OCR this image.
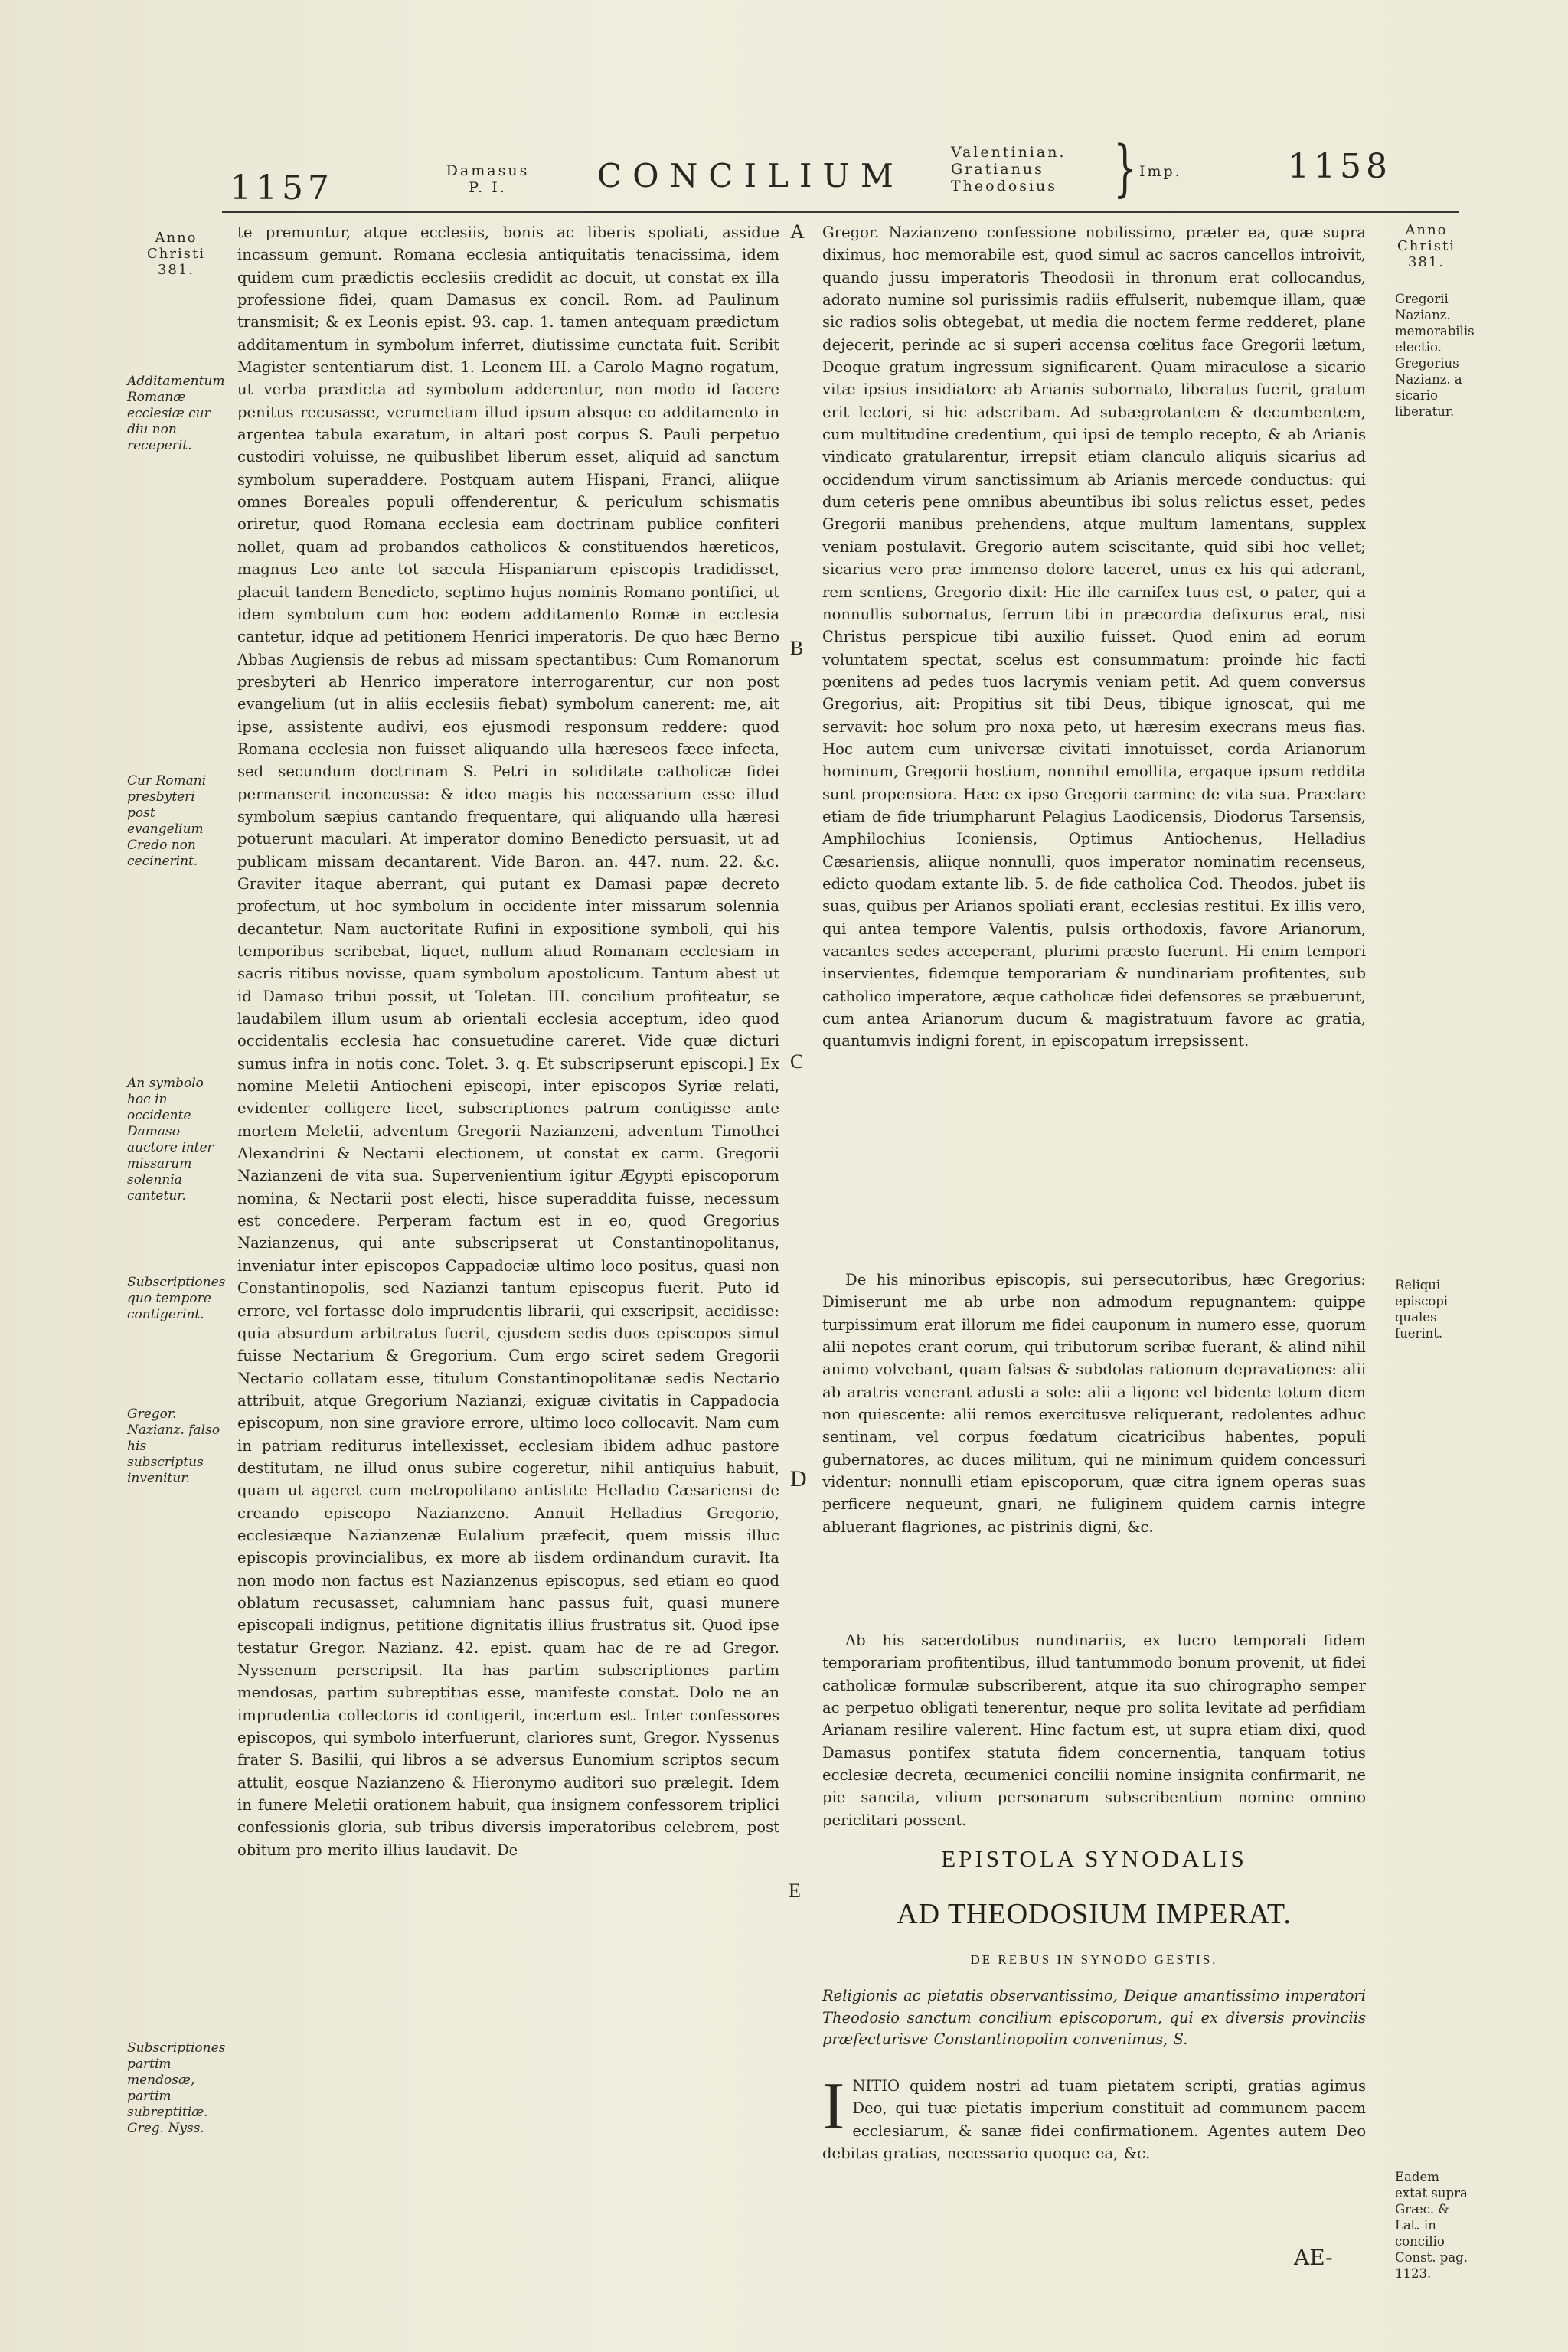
1157	Damasus
P. I.	CONCILIUM
Valentinian.
Gratianus
Theodosius } Imp.	1158
Anno Christi 381.
Additamentum Romanæ ecclesiæ cur diu non receperit.
Cur Romani presbyteri post evangelium Credo non cecinerint.
An symbolo hoc in occidente Damaso auctore inter missarum solennia cantetur.
Subscriptiones quo tempore contigerint.
Gregor. Nazianz. falso his subscriptus invenitur.
Subscriptiones partim mendosæ, partim subreptitiæ. Greg. Nyss.

te premuntur, atque ecclesiis, bonis ac liberis spoliati, assidue incassum gemunt. Romana ecclesia antiquitatis tenacissima, idem quidem cum prædictis ecclesiis credidit ac docuit, ut constat ex illa professione fidei, quam Damasus ex concil. Rom. ad Paulinum transmisit; & ex Leonis epist. 93. cap. 1. tamen antequam prædictum additamentum in symbolum inferret, diutissime cunctata fuit. Scribit Magister sententiarum dist. 1. Leonem III. a Carolo Magno rogatum, ut verba prædicta ad symbolum adderentur, non modo id facere penitus recusasse, verumetiam illud ipsum absque eo additamento in argentea tabula exaratum, in altari post corpus S. Pauli perpetuo custodiri voluisse, ne quibuslibet liberum esset, aliquid ad sanctum symbolum superaddere. Postquam autem Hispani, Franci, aliique omnes Boreales populi offenderentur, & periculum schismatis oriretur, quod Romana ecclesia eam doctrinam publice confiteri nollet, quam ad probandos catholicos & constituendos hæreticos, magnus Leo ante tot sæcula Hispaniarum episcopis tradidisset, placuit tandem Benedicto, septimo hujus nominis Romano pontifici, ut idem symbolum cum hoc eodem additamento Romæ in ecclesia cantetur, idque ad petitionem Henrici imperatoris. De quo hæc Berno Abbas Augiensis de rebus ad missam spectantibus: Cum Romanorum presbyteri ab Henrico imperatore interrogarentur, cur non post evangelium (ut in aliis ecclesiis fiebat) symbolum canerent: me, ait ipse, assistente audivi, eos ejusmodi responsum reddere: quod Romana ecclesia non fuisset aliquando ulla hæreseos fæce infecta, sed secundum doctrinam S. Petri in soliditate catholicæ fidei permanserit inconcussa: & ideo magis his necessarium esse illud symbolum sæpius cantando frequentare, qui aliquando ulla hæresi potuerunt maculari. At imperator domino Benedicto persuasit, ut ad publicam missam decantarent. Vide Baron. an. 447. num. 22. &c. Graviter itaque aberrant, qui putant ex Damasi papæ decreto profectum, ut hoc symbolum in occidente inter missarum solennia decantetur. Nam auctoritate Rufini in expositione symboli, qui his temporibus scribebat, liquet, nullum aliud Romanam ecclesiam in sacris ritibus novisse, quam symbolum apostolicum. Tantum abest ut id Damaso tribui possit, ut Toletan. III. concilium profiteatur, se laudabilem illum usum ab orientali ecclesia acceptum, ideo quod occidentalis ecclesia hac consuetudine careret. Vide quæ dicturi sumus infra in notis conc. Tolet. 3. q. Et subscripserunt episcopi.] Ex nomine Meletii Antiocheni episcopi, inter episcopos Syriæ relati, evidenter colligere licet, subscriptiones patrum contigisse ante mortem Meletii, adventum Gregorii Nazianzeni, adventum Timothei Alexandrini & Nectarii electionem, ut constat ex carm. Gregorii Nazianzeni de vita sua. Supervenientium igitur Ægypti episcoporum nomina, & Nectarii post electi, hisce superaddita fuisse, necessum est concedere. Perperam factum est in eo, quod Gregorius Nazianzenus, qui ante subscripserat ut Constantinopolitanus, inveniatur inter episcopos Cappadociæ ultimo loco positus, quasi non Constantinopolis, sed Nazianzi tantum episcopus fuerit. Puto id errore, vel fortasse dolo imprudentis librarii, qui exscripsit, accidisse: quia absurdum arbitratus fuerit, ejusdem sedis duos episcopos simul fuisse Nectarium & Gregorium. Cum ergo sciret sedem Gregorii Nectario collatam esse, titulum Constantinopolitanæ sedis Nectario attribuit, atque Gregorium Nazianzi, exiguæ civitatis in Cappadocia episcopum, non sine graviore errore, ultimo loco collocavit. Nam cum in patriam rediturus intellexisset, ecclesiam ibidem adhuc pastore destitutam, ne illud onus subire cogeretur, nihil antiquius habuit, quam ut ageret cum metropolitano antistite Helladio Cæsariensi de creando episcopo Nazianzeno. Annuit Helladius Gregorio, ecclesiæque Nazianzenæ Eulalium præfecit, quem missis illuc episcopis provincialibus, ex more ab iisdem ordinandum curavit. Ita non modo non factus est Nazianzenus episcopus, sed etiam eo quod oblatum recusasset, calumniam hanc passus fuit, quasi munere episcopali indignus, petitione dignitatis illius frustratus sit. Quod ipse testatur Gregor. Nazianz. 42. epist. quam hac de re ad Gregor. Nyssenum perscripsit. Ita has partim subscriptiones partim mendosas, partim subreptitias esse, manifeste constat. Dolo ne an imprudentia collectoris id contigerit, incertum est. Inter confessores episcopos, qui symbolo interfuerunt, clariores sunt, Gregor. Nyssenus frater S. Basilii, qui libros a se adversus Eunomium scriptos secum attulit, eosque Nazianzeno & Hieronymo auditori suo prælegit. Idem in funere Meletii orationem habuit, qua insignem confessorem triplici confessionis gloria, sub tribus diversis imperatoribus celebrem, post obitum pro merito illius laudavit. De

A
B
C
D
E
Anno Christi 381.
Gregorii Nazianz. memorabilis electio. Gregorius Nazianz. a sicario liberatur.
Reliqui episcopi quales fuerint.
Eadem extat supra Græc. & Lat. in concilio Const. pag. 1123.

Gregor. Nazianzeno confessione nobilissimo, præter ea, quæ supra diximus, hoc memorabile est, quod simul ac sacros cancellos introivit, quando jussu imperatoris Theodosii in thronum erat collocandus, adorato numine sol purissimis radiis effulserit, nubemque illam, quæ sic radios solis obtegebat, ut media die noctem ferme redderet, plane dejecerit, perinde ac si superi accensa cœlitus face Gregorii lætum, Deoque gratum ingressum significarent. Quam miraculose a sicario vitæ ipsius insidiatore ab Arianis subornato, liberatus fuerit, gratum erit lectori, si hic adscribam. Ad subægrotantem & decumbentem, cum multitudine credentium, qui ipsi de templo recepto, & ab Arianis vindicato gratularentur, irrepsit etiam clanculo aliquis sicarius ad occidendum virum sanctissimum ab Arianis mercede conductus: qui dum ceteris pene omnibus abeuntibus ibi solus relictus esset, pedes Gregorii manibus prehendens, atque multum lamentans, supplex veniam postulavit. Gregorio autem sciscitante, quid sibi hoc vellet; sicarius vero præ immenso dolore taceret, unus ex his qui aderant, rem sentiens, Gregorio dixit: Hic ille carnifex tuus est, o pater, qui a nonnullis subornatus, ferrum tibi in præcordia defixurus erat, nisi Christus perspicue tibi auxilio fuisset. Quod enim ad eorum voluntatem spectat, scelus est consummatum: proinde hic facti pœnitens ad pedes tuos lacrymis veniam petit. Ad quem conversus Gregorius, ait: Propitius sit tibi Deus, tibique ignoscat, qui me servavit: hoc solum pro noxa peto, ut hæresim execrans meus fias. Hoc autem cum universæ civitati innotuisset, corda Arianorum hominum, Gregorii hostium, nonnihil emollita, ergaque ipsum reddita sunt propensiora. Hæc ex ipso Gregorii carmine de vita sua. Præclare etiam de fide triumpharunt Pelagius Laodicensis, Diodorus Tarsensis, Amphilochius Iconiensis, Optimus Antiochenus, Helladius Cæsariensis, aliique nonnulli, quos imperator nominatim recenseus, edicto quodam extante lib. 5. de fide catholica Cod. Theodos. jubet iis suas, quibus per Arianos spoliati erant, ecclesias restitui. Ex illis vero, qui antea tempore Valentis, pulsis orthodoxis, favore Arianorum, vacantes sedes acceperant, plurimi præsto fuerunt. Hi enim tempori inservientes, fidemque temporariam & nundinariam profitentes, sub catholico imperatore, æque catholicæ fidei defensores se præbuerunt, cum antea Arianorum ducum & magistratuum favore ac gratia, quantumvis indigni forent, in episcopatum irrepsissent.

De his minoribus episcopis, sui persecutoribus, hæc Gregorius: Dimiserunt me ab urbe non admodum repugnantem: quippe turpissimum erat illorum me fidei cauponum in numero esse, quorum alii nepotes erant eorum, qui tributorum scribæ fuerant, & alind nihil animo volvebant, quam falsas & subdolas rationum depravationes: alii ab aratris venerant adusti a sole: alii a ligone vel bidente totum diem non quiescente: alii remos exercitusve reliquerant, redolentes adhuc sentinam, vel corpus fœdatum cicatricibus habentes, populi gubernatores, ac duces militum, qui ne minimum quidem concessuri videntur: nonnulli etiam episcoporum, quæ citra ignem operas suas perficere nequeunt, gnari, ne fuliginem quidem carnis integre abluerant flagriones, ac pistrinis digni, &c.

Ab his sacerdotibus nundinariis, ex lucro temporali fidem temporariam profitentibus, illud tantummodo bonum provenit, ut fidei catholicæ formulæ subscriberent, atque ita suo chirographo semper ac perpetuo obligati tenerentur, neque pro solita levitate ad perfidiam Arianam resilire valerent. Hinc factum est, ut supra etiam dixi, quod Damasus pontifex statuta fidem concernentia, tanquam totius ecclesiæ decreta, œcumenici concilii nomine insignita confirmarit, ne pie sancita, vilium personarum subscribentium nomine omnino periclitari possent.

EPISTOLA SYNODALIS
AD THEODOSIUM IMPERAT.
DE REBUS IN SYNODO GESTIS.
Religionis ac pietatis observantissimo, Deique amantissimo imperatori Theodosio sanctum concilium episcoporum, qui ex diversis provinciis præfecturisve Constantinopolim convenimus, S.
I NITIO quidem nostri ad tuam pietatem scripti, gratias agimus Deo, qui tuæ pietatis imperium constituit ad communem pacem ecclesiarum, & sanæ fidei confirmationem. Agentes autem Deo debitas gratias, necessario quoque ea, &c.
AE-
